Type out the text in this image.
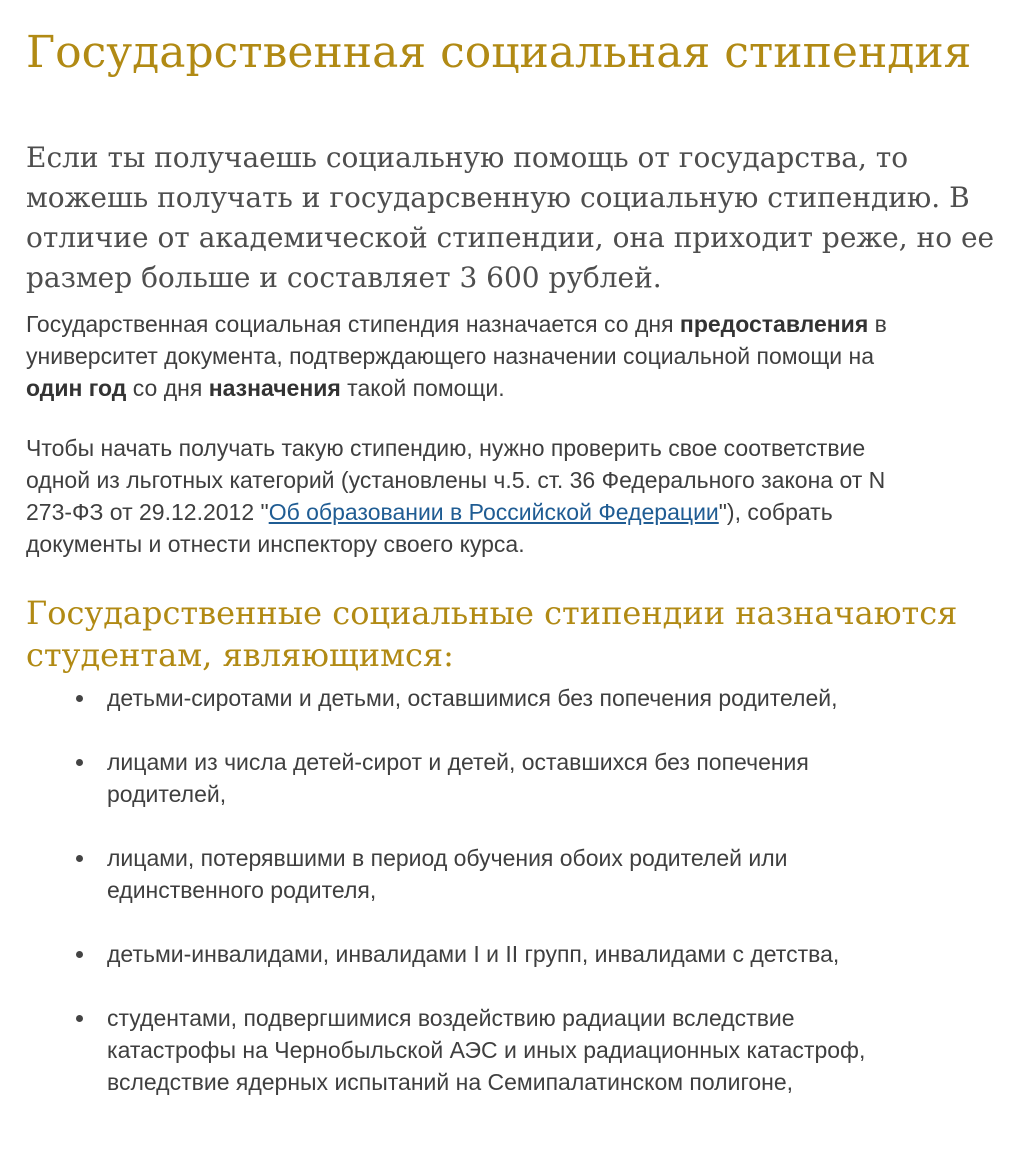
Государственная социальная стипендия

Если ты получаешь социальную помощь от государства, то
можешь получать и государсвенную социальную стипендию. В
отличие от академической стипендии, она приходит реже, но ее
размер больше и составляет 3 600 рублей.

Государственная социальная стипендия назначается со дня предоставления в
университет документа, подтверждающего назначении социальной помощи на
один год со дня назначения такой помощи.

Чтобы начать получать такую стипендию, нужно проверить свое соответствие
одной из льготных категорий (установлены ч.5. ст. 36 Федерального закона от N
273-ФЗ от 29.12.2012 "Об образовании в Российской Федерации"), собрать
документы и отнести инспектору своего курса.

Государственные социальные стипендии назначаются
студентам, являющимся:
детьми-сиротами и детьми, оставшимися без попечения родителей,
лицами из числа детей-сирот и детей, оставшихся без попечения
родителей,
лицами, потерявшими в период обучения обоих родителей или
единственного родителя,
детьми-инвалидами, инвалидами I и II групп, инвалидами с детства,
студентами, подвергшимися воздействию радиации вследствие
катастрофы на Чернобыльской АЭС и иных радиационных катастроф,
вследствие ядерных испытаний на Семипалатинском полигоне,
